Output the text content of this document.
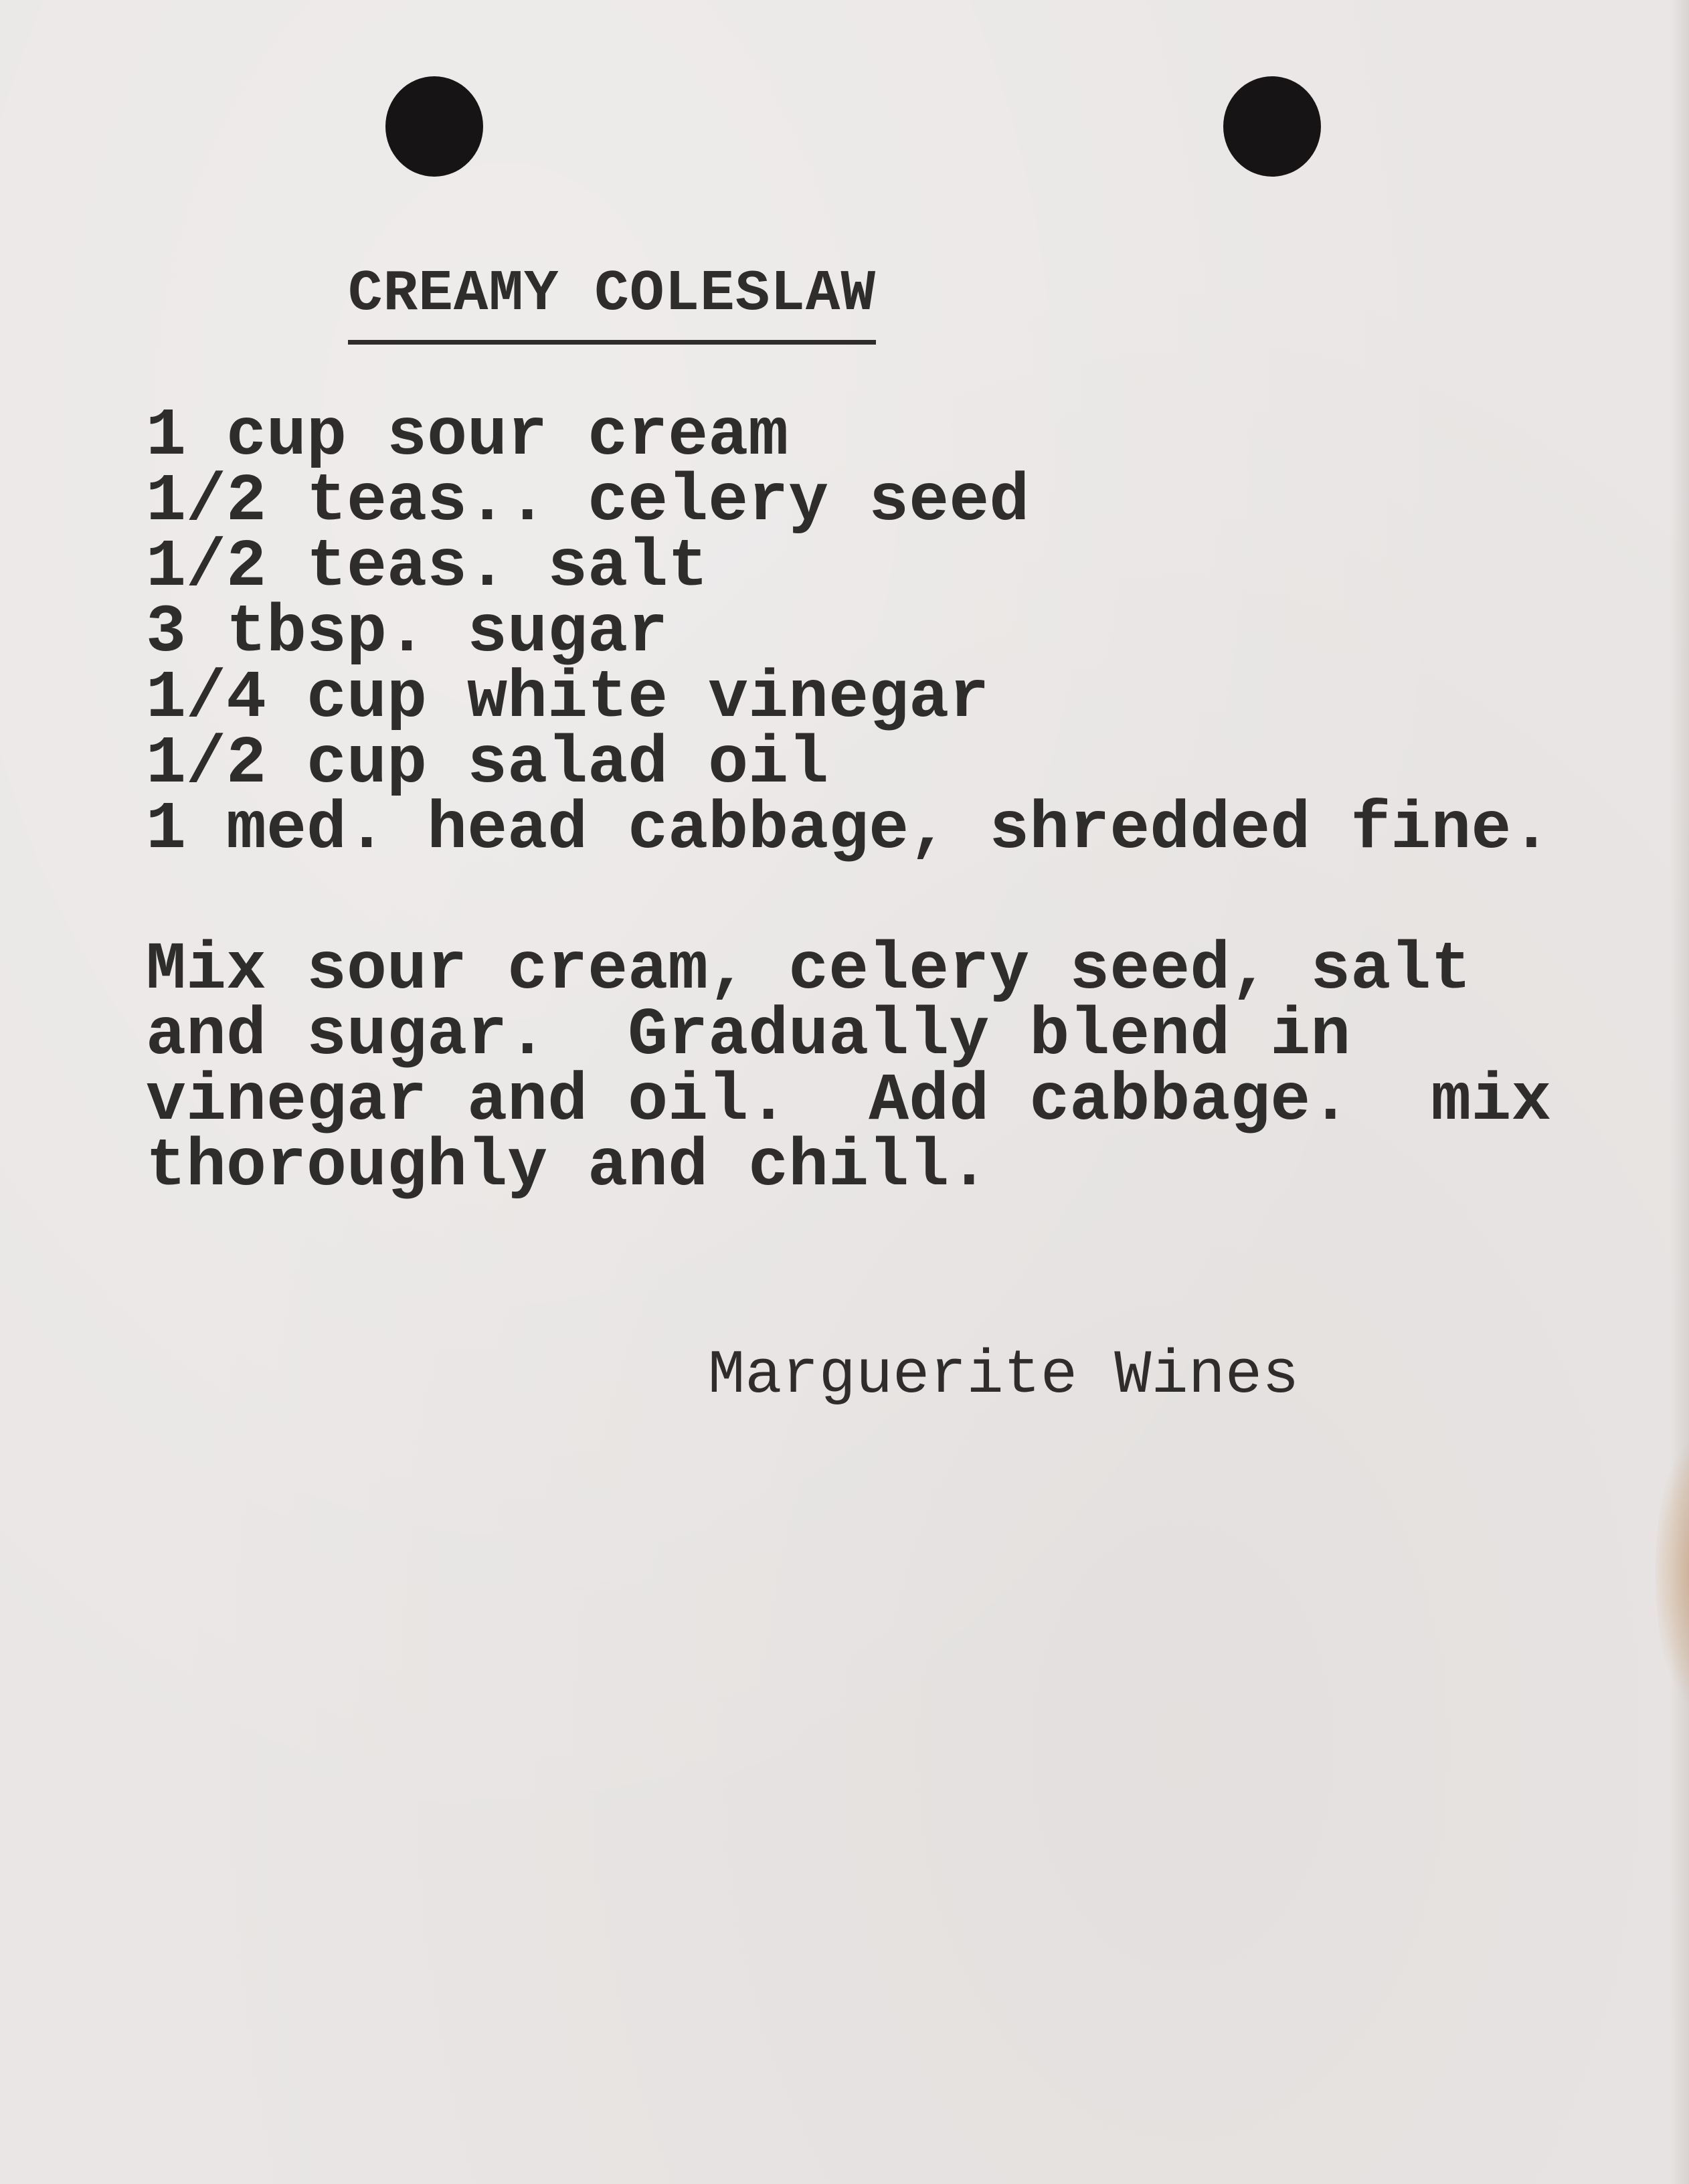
CREAMY COLESLAW
1 cup sour cream
1/2 teas.. celery seed
1/2 teas. salt
3 tbsp. sugar
1/4 cup white vinegar
1/2 cup salad oil
1 med. head cabbage, shredded fine.
Mix sour cream, celery seed, salt
and sugar.  Gradually blend in
vinegar and oil.  Add cabbage.  mix
thoroughly and chill.
Marguerite Wines
